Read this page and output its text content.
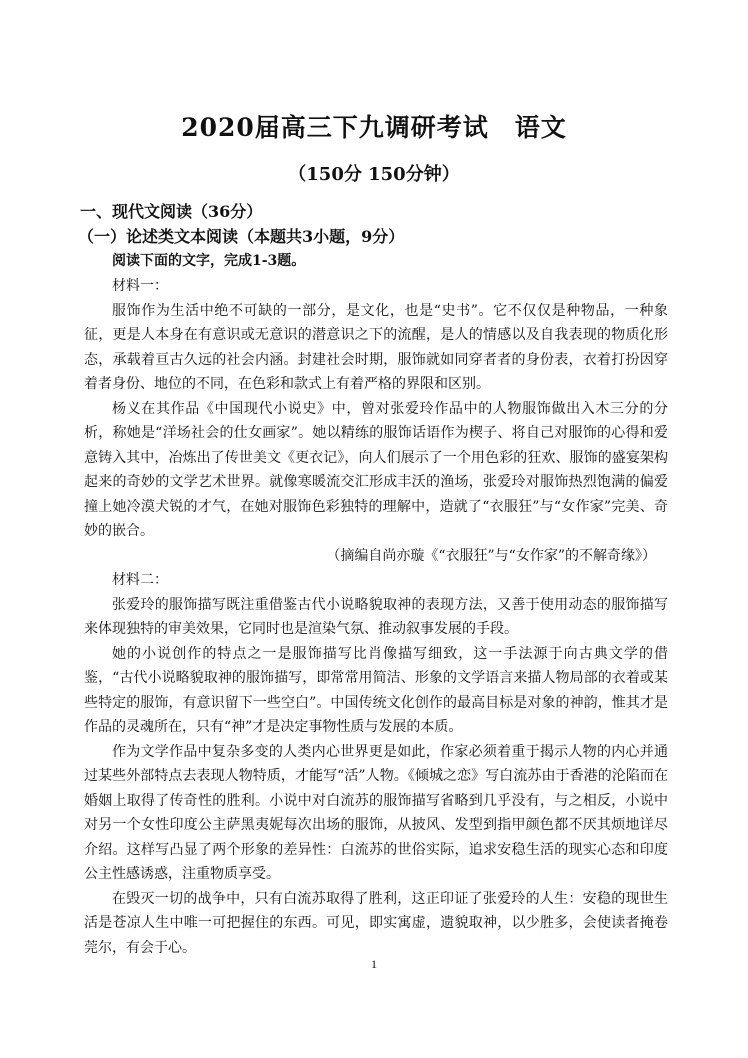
2020届高三下九调研考试　语文
（150分 150分钟）
一、现代文阅读（36分）
（一）论述类文本阅读（本题共3小题，9分）
阅读下面的文字，完成1-3题。
材料一：

服饰作为生活中绝不可缺的一部分，是文化，也是“史书”。它不仅仅是种物品，一种象征，更是人本身在有意识或无意识的潜意识之下的流醒，是人的情感以及自我表现的物质化形态，承载着亘古久远的社会内涵。封建社会时期，服饰就如同穿者者的身份表，衣着打扮因穿着者身份、地位的不同，在色彩和款式上有着严格的界限和区别。

杨义在其作品《中国现代小说史》中，曾对张爱玲作品中的人物服饰做出入木三分的分析，称她是“洋场社会的仕女画家”。她以精练的服饰话语作为楔子、将自己对服饰的心得和爱意铸入其中，冶炼出了传世美文《更衣记》，向人们展示了一个用色彩的狂欢、服饰的盛宴架构起来的奇妙的文学艺术世界。就像寒暖流交汇形成丰沃的渔场，张爱玲对服饰热烈饱满的偏爱撞上她冷漠犬锐的才气，在她对服饰色彩独特的理解中，造就了“衣服狂”与“女作家”完美、奇妙的嵌合。

（摘编自尚亦璇《“衣服狂”与“女作家”的不解奇缘》）
材料二：

张爱玲的服饰描写既注重借鉴古代小说略貌取神的表现方法，又善于使用动态的服饰描写来体现独特的审美效果，它同时也是渲染气氛、推动叙事发展的手段。

她的小说创作的特点之一是服饰描写比肖像描写细致，这一手法源于向古典文学的借鉴，“古代小说略貌取神的服饰描写，即常常用简洁、形象的文学语言来描人物局部的衣着或某些特定的服饰，有意识留下一些空白”。中国传统文化创作的最高目标是对象的神韵，惟其才是作品的灵魂所在，只有“神”才是决定事物性质与发展的本质。

作为文学作品中复杂多变的人类内心世界更是如此，作家必须着重于揭示人物的内心并通过某些外部特点去表现人物特质，才能写“活”人物。《倾城之恋》写白流苏由于香港的沦陷而在婚姻上取得了传奇性的胜利。小说中对白流苏的服饰描写省略到几乎没有，与之相反，小说中对另一个女性印度公主萨黑夷妮每次出场的服饰，从披风、发型到指甲颜色都不厌其烦地详尽介绍。这样写凸显了两个形象的差异性：白流苏的世俗实际，追求安稳生活的现实心态和印度公主性感诱惑，注重物质享受。

在毁灭一切的战争中，只有白流苏取得了胜利，这正印证了张爱玲的人生：安稳的现世生活是苍凉人生中唯一可把握住的东西。可见，即实寓虚，遗貌取神，以少胜多，会使读者掩卷莞尔，有会于心。

1
